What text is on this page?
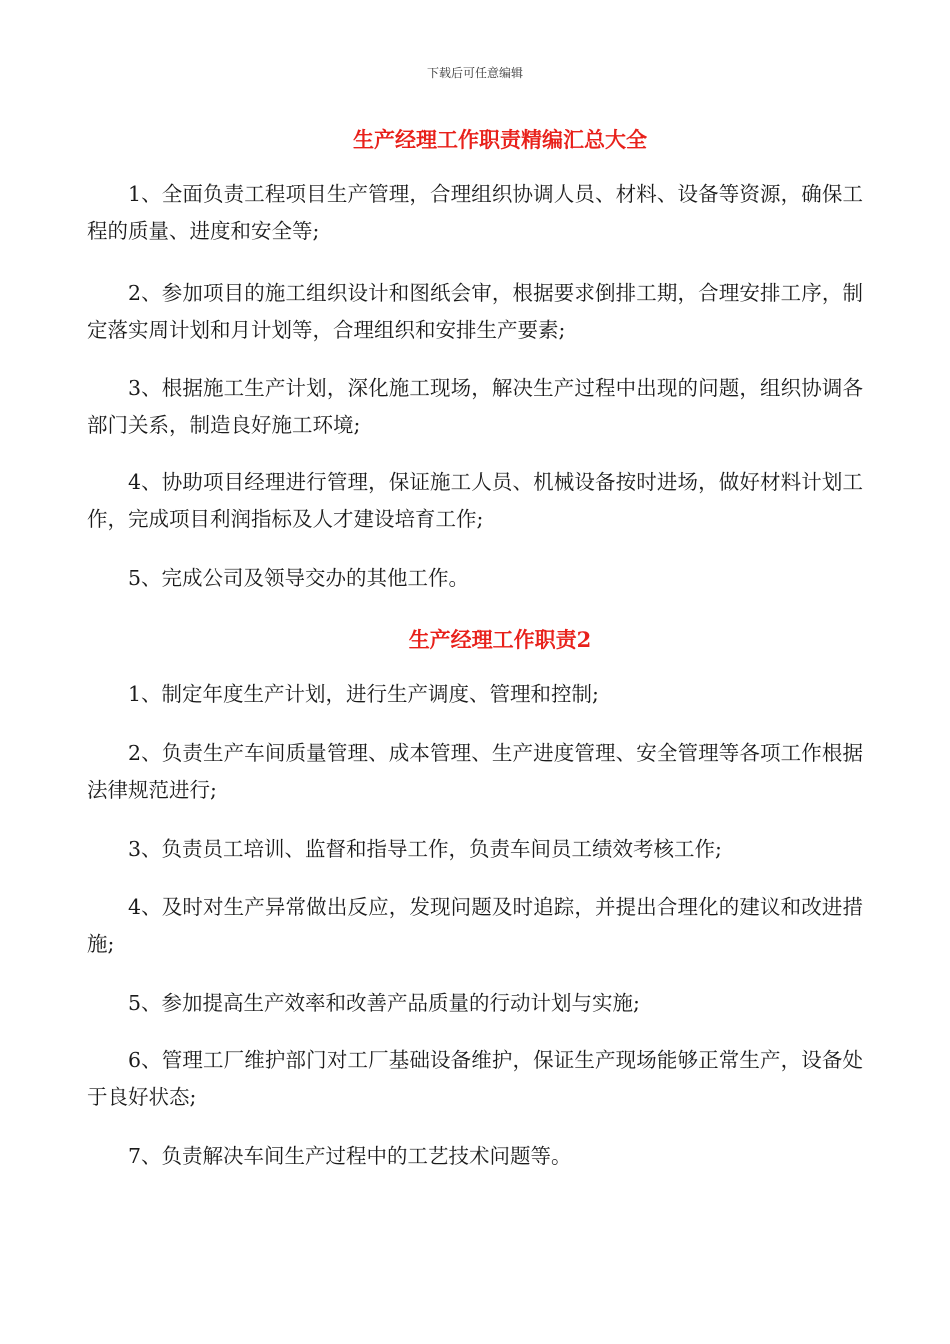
下载后可任意编辑
生产经理工作职责精编汇总大全

1、全面负责工程项目生产管理，合理组织协调人员、材料、设备等资源，确保工程的质量、进度和安全等;

2、参加项目的施工组织设计和图纸会审，根据要求倒排工期，合理安排工序，制定落实周计划和月计划等，合理组织和安排生产要素;

3、根据施工生产计划，深化施工现场，解决生产过程中出现的问题，组织协调各部门关系，制造良好施工环境;

4、协助项目经理进行管理，保证施工人员、机械设备按时进场，做好材料计划工作，完成项目利润指标及人才建设培育工作;

5、完成公司及领导交办的其他工作。

生产经理工作职责2

1、制定年度生产计划，进行生产调度、管理和控制;

2、负责生产车间质量管理、成本管理、生产进度管理、安全管理等各项工作根据法律规范进行;

3、负责员工培训、监督和指导工作，负责车间员工绩效考核工作;

4、及时对生产异常做出反应，发现问题及时追踪，并提出合理化的建议和改进措施;

5、参加提高生产效率和改善产品质量的行动计划与实施;

6、管理工厂维护部门对工厂基础设备维护，保证生产现场能够正常生产，设备处于良好状态;

7、负责解决车间生产过程中的工艺技术问题等。
